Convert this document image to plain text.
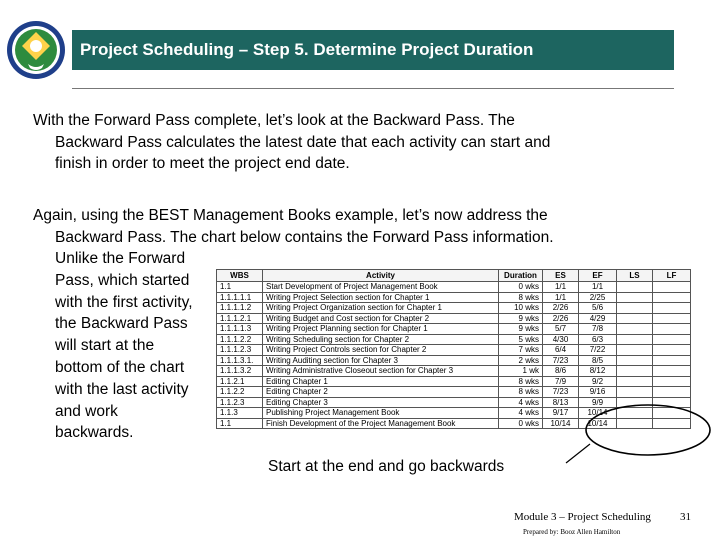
Project Scheduling – Step 5. Determine Project Duration

With the Forward Pass complete, let’s look at the Backward Pass. The
Backward Pass calculates the latest date that each activity can start and
finish in order to meet the project end date.

Again, using the BEST Management Books example, let’s now address the
Backward Pass. The chart below contains the Forward Pass information.

Unlike the Forward
Pass, which started
with the first activity,
the Backward Pass
will start at the
bottom of the chart
with the last activity
and work
backwards.
WBS	Activity	Duration	ES	EF	LS	LF
1.1	Start Development of Project Management Book	0 wks	1/1	1/1		
1.1.1.1.1	Writing Project Selection section for Chapter 1	8 wks	1/1	2/25		
1.1.1.1.2	Writing Project Organization section for Chapter 1	10 wks	2/26	5/6		
1.1.1.2.1	Writing Budget and Cost section for Chapter 2	9 wks	2/26	4/29		
1.1.1.1.3	Writing Project Planning section for Chapter 1	9 wks	5/7	7/8		
1.1.1.2.2	Writing Scheduling section for Chapter 2	5 wks	4/30	6/3		
1.1.1.2.3	Writing Project Controls section for Chapter 2	7 wks	6/4	7/22		
1.1.1.3.1.	Writing Auditing section for Chapter 3	2 wks	7/23	8/5		
1.1.1.3.2	Writing Administrative Closeout section for Chapter 3	1 wk	8/6	8/12		
1.1.2.1	Editing Chapter 1	8 wks	7/9	9/2		
1.1.2.2	Editing Chapter 2	8 wks	7/23	9/16		
1.1.2.3	Editing Chapter 3	4 wks	8/13	9/9		
1.1.3	Publishing Project Management Book	4 wks	9/17	10/14		
1.1	Finish Development of the Project Management Book	0 wks	10/14	10/14		
Start at the end and go backwards
Module 3 – Project Scheduling	31
Prepared by: Booz Allen Hamilton
